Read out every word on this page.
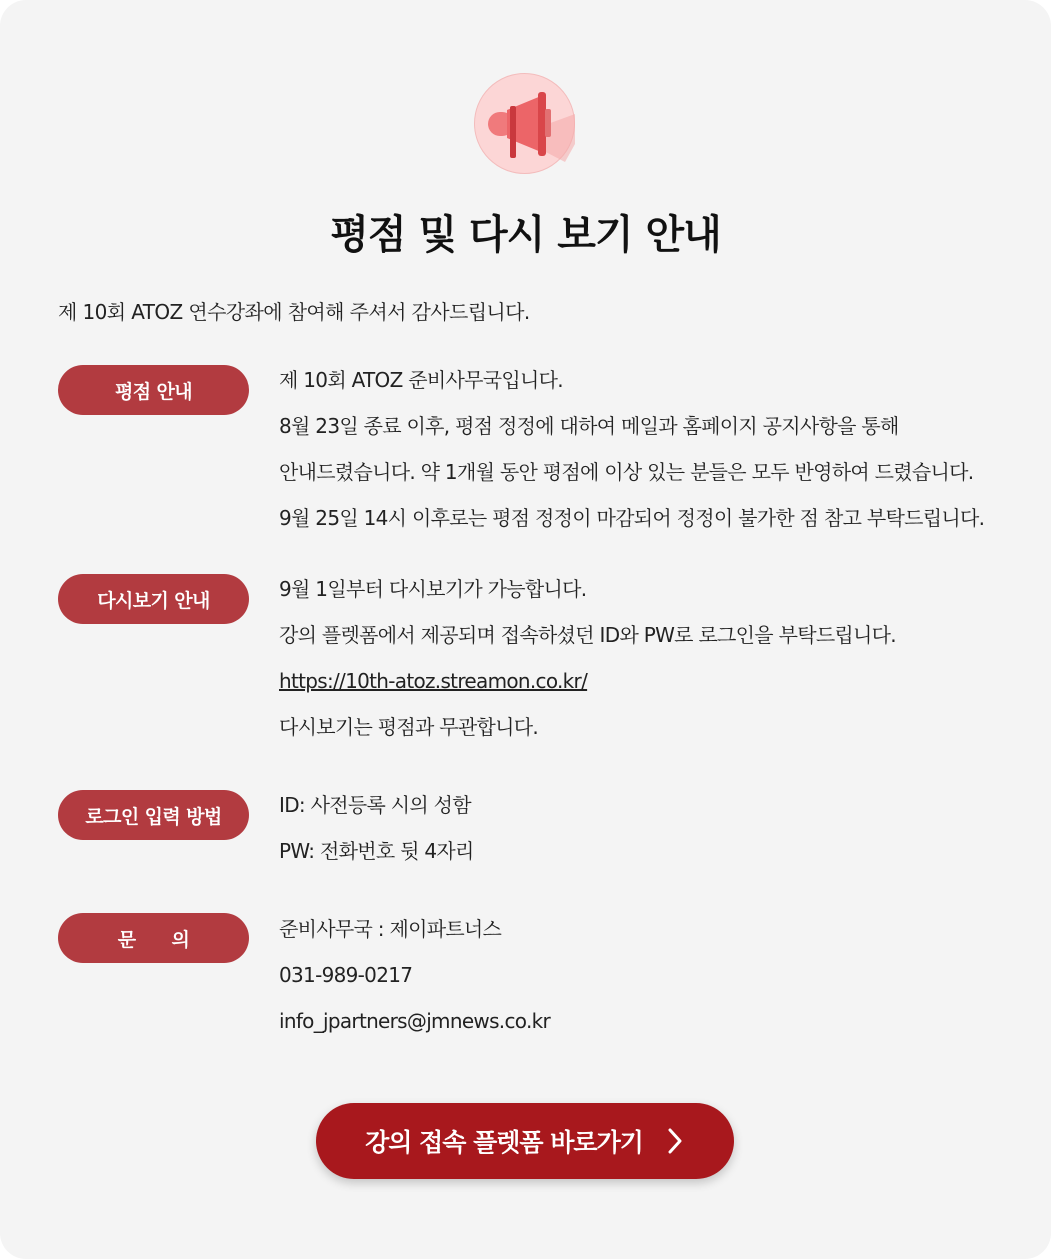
평점 및 다시 보기 안내
제 10회 ATOZ 연수강좌에 참여해 주셔서 감사드립니다.
평점 안내	제 10회 ATOZ 준비사무국입니다.
8월 23일 종료 이후, 평점 정정에 대하여 메일과 홈페이지 공지사항을 통해
안내드렸습니다. 약 1개월 동안 평점에 이상 있는 분들은 모두 반영하여 드렸습니다.
9월 25일 14시 이후로는 평점 정정이 마감되어 정정이 불가한 점 참고 부탁드립니다.
다시보기 안내	9월 1일부터 다시보기가 가능합니다.
강의 플렛폼에서 제공되며 접속하셨던 ID와 PW로 로그인을 부탁드립니다.
https://10th-atoz.streamon.co.kr/
다시보기는 평점과 무관합니다.
로그인 입력 방법	ID: 사전등록 시의 성함
PW: 전화번호 뒷 4자리
문      의	준비사무국 : 제이파트너스
031-989-0217
info_jpartners@jmnews.co.kr
강의 접속 플렛폼 바로가기
